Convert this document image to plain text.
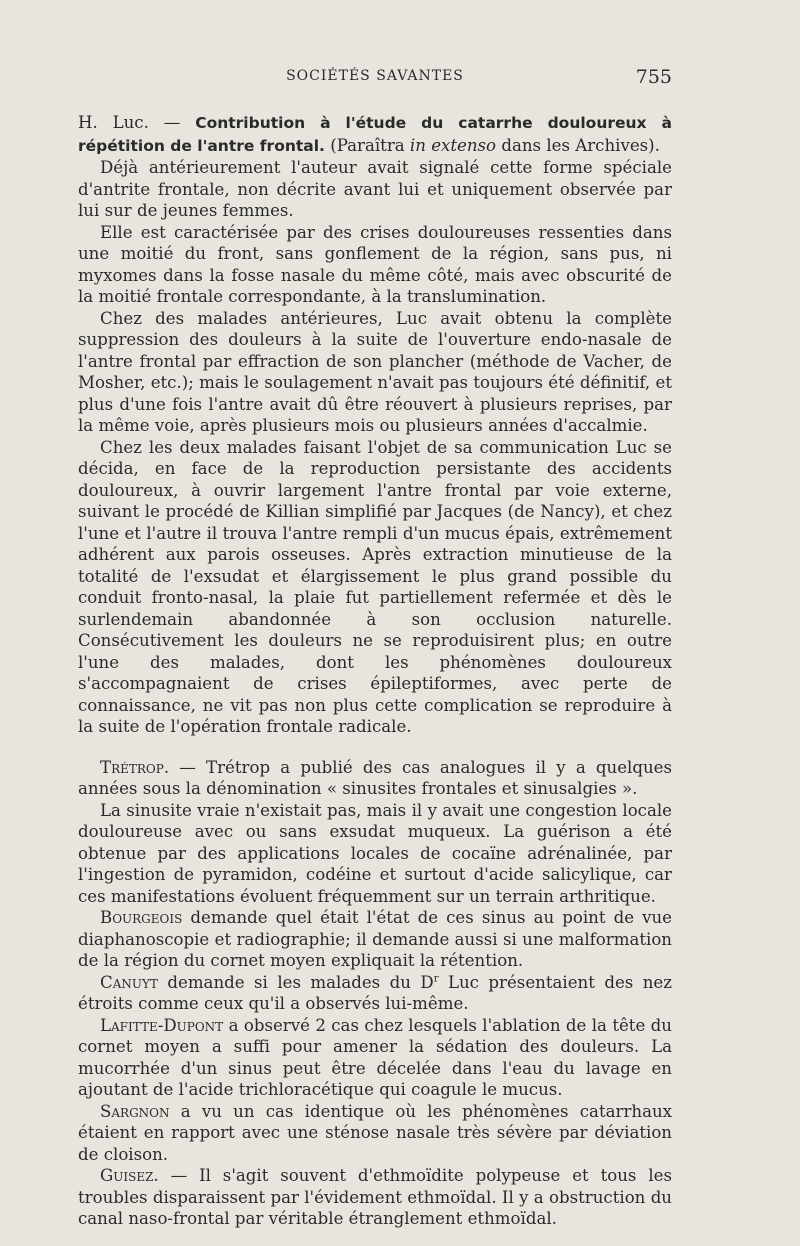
SOCIÉTÉS SAVANTES	755

H. Luc. — Contribution à l'étude du catarrhe douloureux à répétition de l'antre frontal. (Paraîtra in extenso dans les Archives).

Déjà antérieurement l'auteur avait signalé cette forme spéciale d'antrite frontale, non décrite avant lui et uniquement observée par lui sur de jeunes femmes.

Elle est caractérisée par des crises douloureuses ressenties dans une moitié du front, sans gonflement de la région, sans pus, ni myxomes dans la fosse nasale du même côté, mais avec obscurité de la moitié frontale correspondante, à la translumination.

Chez des malades antérieures, Luc avait obtenu la complète suppression des douleurs à la suite de l'ouverture endo-nasale de l'antre frontal par effraction de son plancher (méthode de Vacher, de Mosher, etc.); mais le soulagement n'avait pas toujours été définitif, et plus d'une fois l'antre avait dû être réouvert à plusieurs reprises, par la même voie, après plusieurs mois ou plusieurs années d'accalmie.

Chez les deux malades faisant l'objet de sa communication Luc se décida, en face de la reproduction persistante des accidents douloureux, à ouvrir largement l'antre frontal par voie externe, suivant le procédé de Killian simplifié par Jacques (de Nancy), et chez l'une et l'autre il trouva l'antre rempli d'un mucus épais, extrêmement adhérent aux parois osseuses. Après extraction minutieuse de la totalité de l'exsudat et élargissement le plus grand possible du conduit fronto-nasal, la plaie fut partiellement refermée et dès le surlendemain abandonnée à son occlusion naturelle. Consécutivement les douleurs ne se reproduisirent plus; en outre l'une des malades, dont les phénomènes douloureux s'accompagnaient de crises épileptiformes, avec perte de connaissance, ne vit pas non plus cette complication se reproduire à la suite de l'opération frontale radicale.

Trétrop. — Trétrop a publié des cas analogues il y a quelques années sous la dénomination « sinusites frontales et sinusalgies ».

La sinusite vraie n'existait pas, mais il y avait une congestion locale douloureuse avec ou sans exsudat muqueux. La guérison a été obtenue par des applications locales de cocaïne adrénalinée, par l'ingestion de pyramidon, codéine et surtout d'acide salicylique, car ces manifestations évoluent fréquemment sur un terrain arthritique.

Bourgeois demande quel était l'état de ces sinus au point de vue diaphanoscopie et radiographie; il demande aussi si une malformation de la région du cornet moyen expliquait la rétention.

Canuyt demande si les malades du $D^r$ Luc présentaient des nez étroits comme ceux qu'il a observés lui-même.

Lafitte-Dupont a observé 2 cas chez lesquels l'ablation de la tête du cornet moyen a suffi pour amener la sédation des douleurs. La mucorrhée d'un sinus peut être décelée dans l'eau du lavage en ajoutant de l'acide trichloracétique qui coagule le mucus.

Sargnon a vu un cas identique où les phénomènes catarrhaux étaient en rapport avec une sténose nasale très sévère par déviation de cloison.

Guisez. — Il s'agit souvent d'ethmoïdite polypeuse et tous les troubles disparaissent par l'évidement ethmoïdal. Il y a obstruction du canal naso-frontal par véritable étranglement ethmoïdal.
